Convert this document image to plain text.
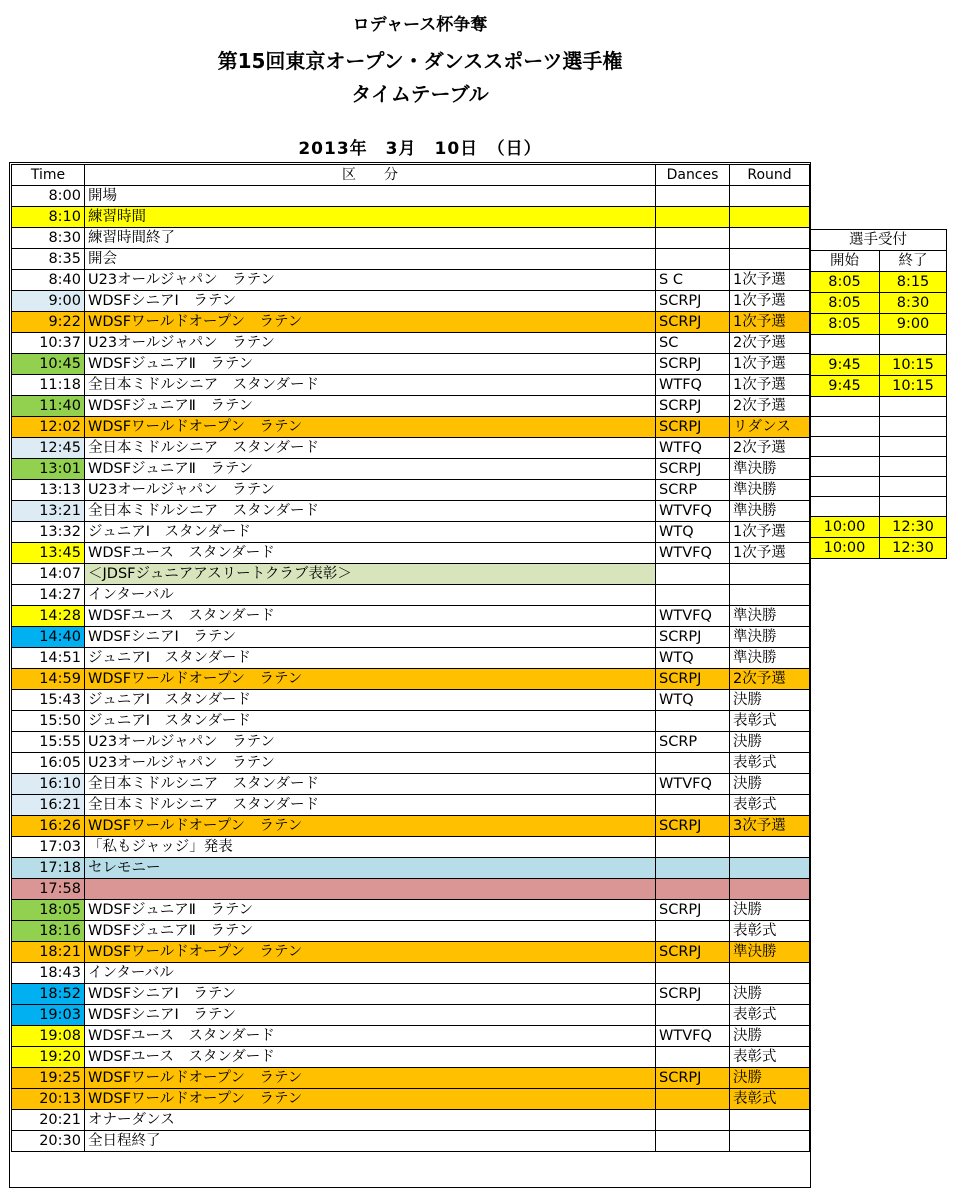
ロデャース杯争奪
第15回東京オープン・ダンススポーツ選手権
タイムテーブル
2013年　3月　10日　（日）
Time	区　　分	Dances	Round
8:00	開場		
8:10	練習時間		
8:30	練習時間終了		
8:35	開会		
8:40	U23オールジャパン　ラテン	S C	1次予選
9:00	WDSFシニアⅠ　ラテン	SCRPJ	1次予選
9:22	WDSFワールドオープン　ラテン	SCRPJ	1次予選
10:37	U23オールジャパン　ラテン	SC	2次予選
10:45	WDSFジュニアⅡ　ラテン	SCRPJ	1次予選
11:18	全日本ミドルシニア　スタンダード	WTFQ	1次予選
11:40	WDSFジュニアⅡ　ラテン	SCRPJ	2次予選
12:02	WDSFワールドオープン　ラテン	SCRPJ	リダンス
12:45	全日本ミドルシニア　スタンダード	WTFQ	2次予選
13:01	WDSFジュニアⅡ　ラテン	SCRPJ	準決勝
13:13	U23オールジャパン　ラテン	SCRP	準決勝
13:21	全日本ミドルシニア　スタンダード	WTVFQ	準決勝
13:32	ジュニアⅠ　スタンダード	WTQ	1次予選
13:45	WDSFユース　スタンダード	WTVFQ	1次予選
14:07	＜JDSFジュニアアスリートクラブ表彰＞		
14:27	インターバル		
14:28	WDSFユース　スタンダード	WTVFQ	準決勝
14:40	WDSFシニアⅠ　ラテン	SCRPJ	準決勝
14:51	ジュニアⅠ　スタンダード	WTQ	準決勝
14:59	WDSFワールドオープン　ラテン	SCRPJ	2次予選
15:43	ジュニアⅠ　スタンダード	WTQ	決勝
15:50	ジュニアⅠ　スタンダード		表彰式
15:55	U23オールジャパン　ラテン	SCRP	決勝
16:05	U23オールジャパン　ラテン		表彰式
16:10	全日本ミドルシニア　スタンダード	WTVFQ	決勝
16:21	全日本ミドルシニア　スタンダード		表彰式
16:26	WDSFワールドオープン　ラテン	SCRPJ	3次予選
17:03	「私もジャッジ」発表		
17:18	セレモニー		
17:58			
18:05	WDSFジュニアⅡ　ラテン	SCRPJ	決勝
18:16	WDSFジュニアⅡ　ラテン		表彰式
18:21	WDSFワールドオープン　ラテン	SCRPJ	準決勝
18:43	インターバル		
18:52	WDSFシニアⅠ　ラテン	SCRPJ	決勝
19:03	WDSFシニアⅠ　ラテン		表彰式
19:08	WDSFユース　スタンダード	WTVFQ	決勝
19:20	WDSFユース　スタンダード		表彰式
19:25	WDSFワールドオープン　ラテン	SCRPJ	決勝
20:13	WDSFワールドオープン　ラテン		表彰式
20:21	オナーダンス		
20:30	全日程終了		
選手受付	
開始	終了
8:05	8:15
8:05	8:30
8:05	9:00

9:45	10:15
9:45	10:15

10:00	12:30
10:00	12:30
